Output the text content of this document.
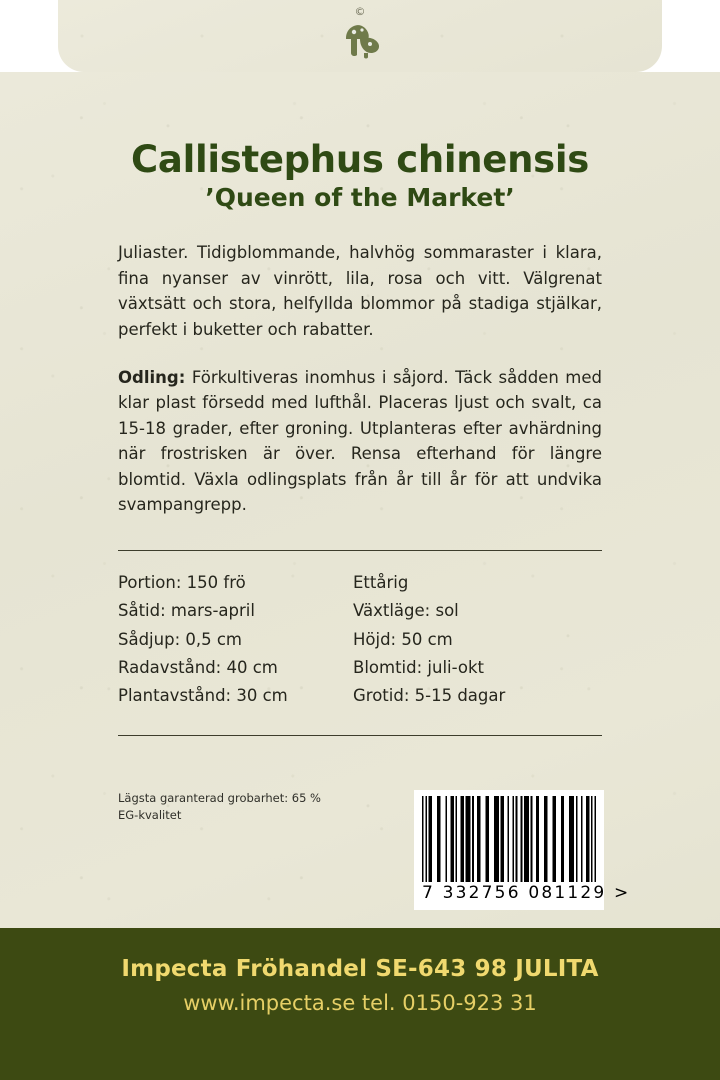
©
Callistephus chinensis
’Queen of the Market’
Juliaster. Tidigblommande, halvhög sommaraster i klara, fina nyanser av vinrött, lila, rosa och vitt. Välgrenat växtsätt och stora, helfyllda blommor på stadiga stjälkar, perfekt i buketter och rabatter.
Odling: Förkultiveras inomhus i såjord. Täck sådden med klar plast försedd med lufthål. Placeras ljust och svalt, ca 15-18 grader, efter groning. Utplanteras efter avhärdning när frostrisken är över. Rensa efterhand för längre blomtid. Växla odlingsplats från år till år för att undvika svampangrepp.
Portion: 150 frö
Såtid: mars-april
Sådjup: 0,5 cm
Radavstånd: 40 cm
Plantavstånd: 30 cm
Ettårig
Växtläge: sol
Höjd: 50 cm
Blomtid: juli-okt
Grotid: 5-15 dagar
Lägsta garanterad grobarhet: 65 %
EG-kvalitet
7 332756 081129 >
Impecta Fröhandel SE-643 98 JULITA
www.impecta.se tel. 0150-923 31
